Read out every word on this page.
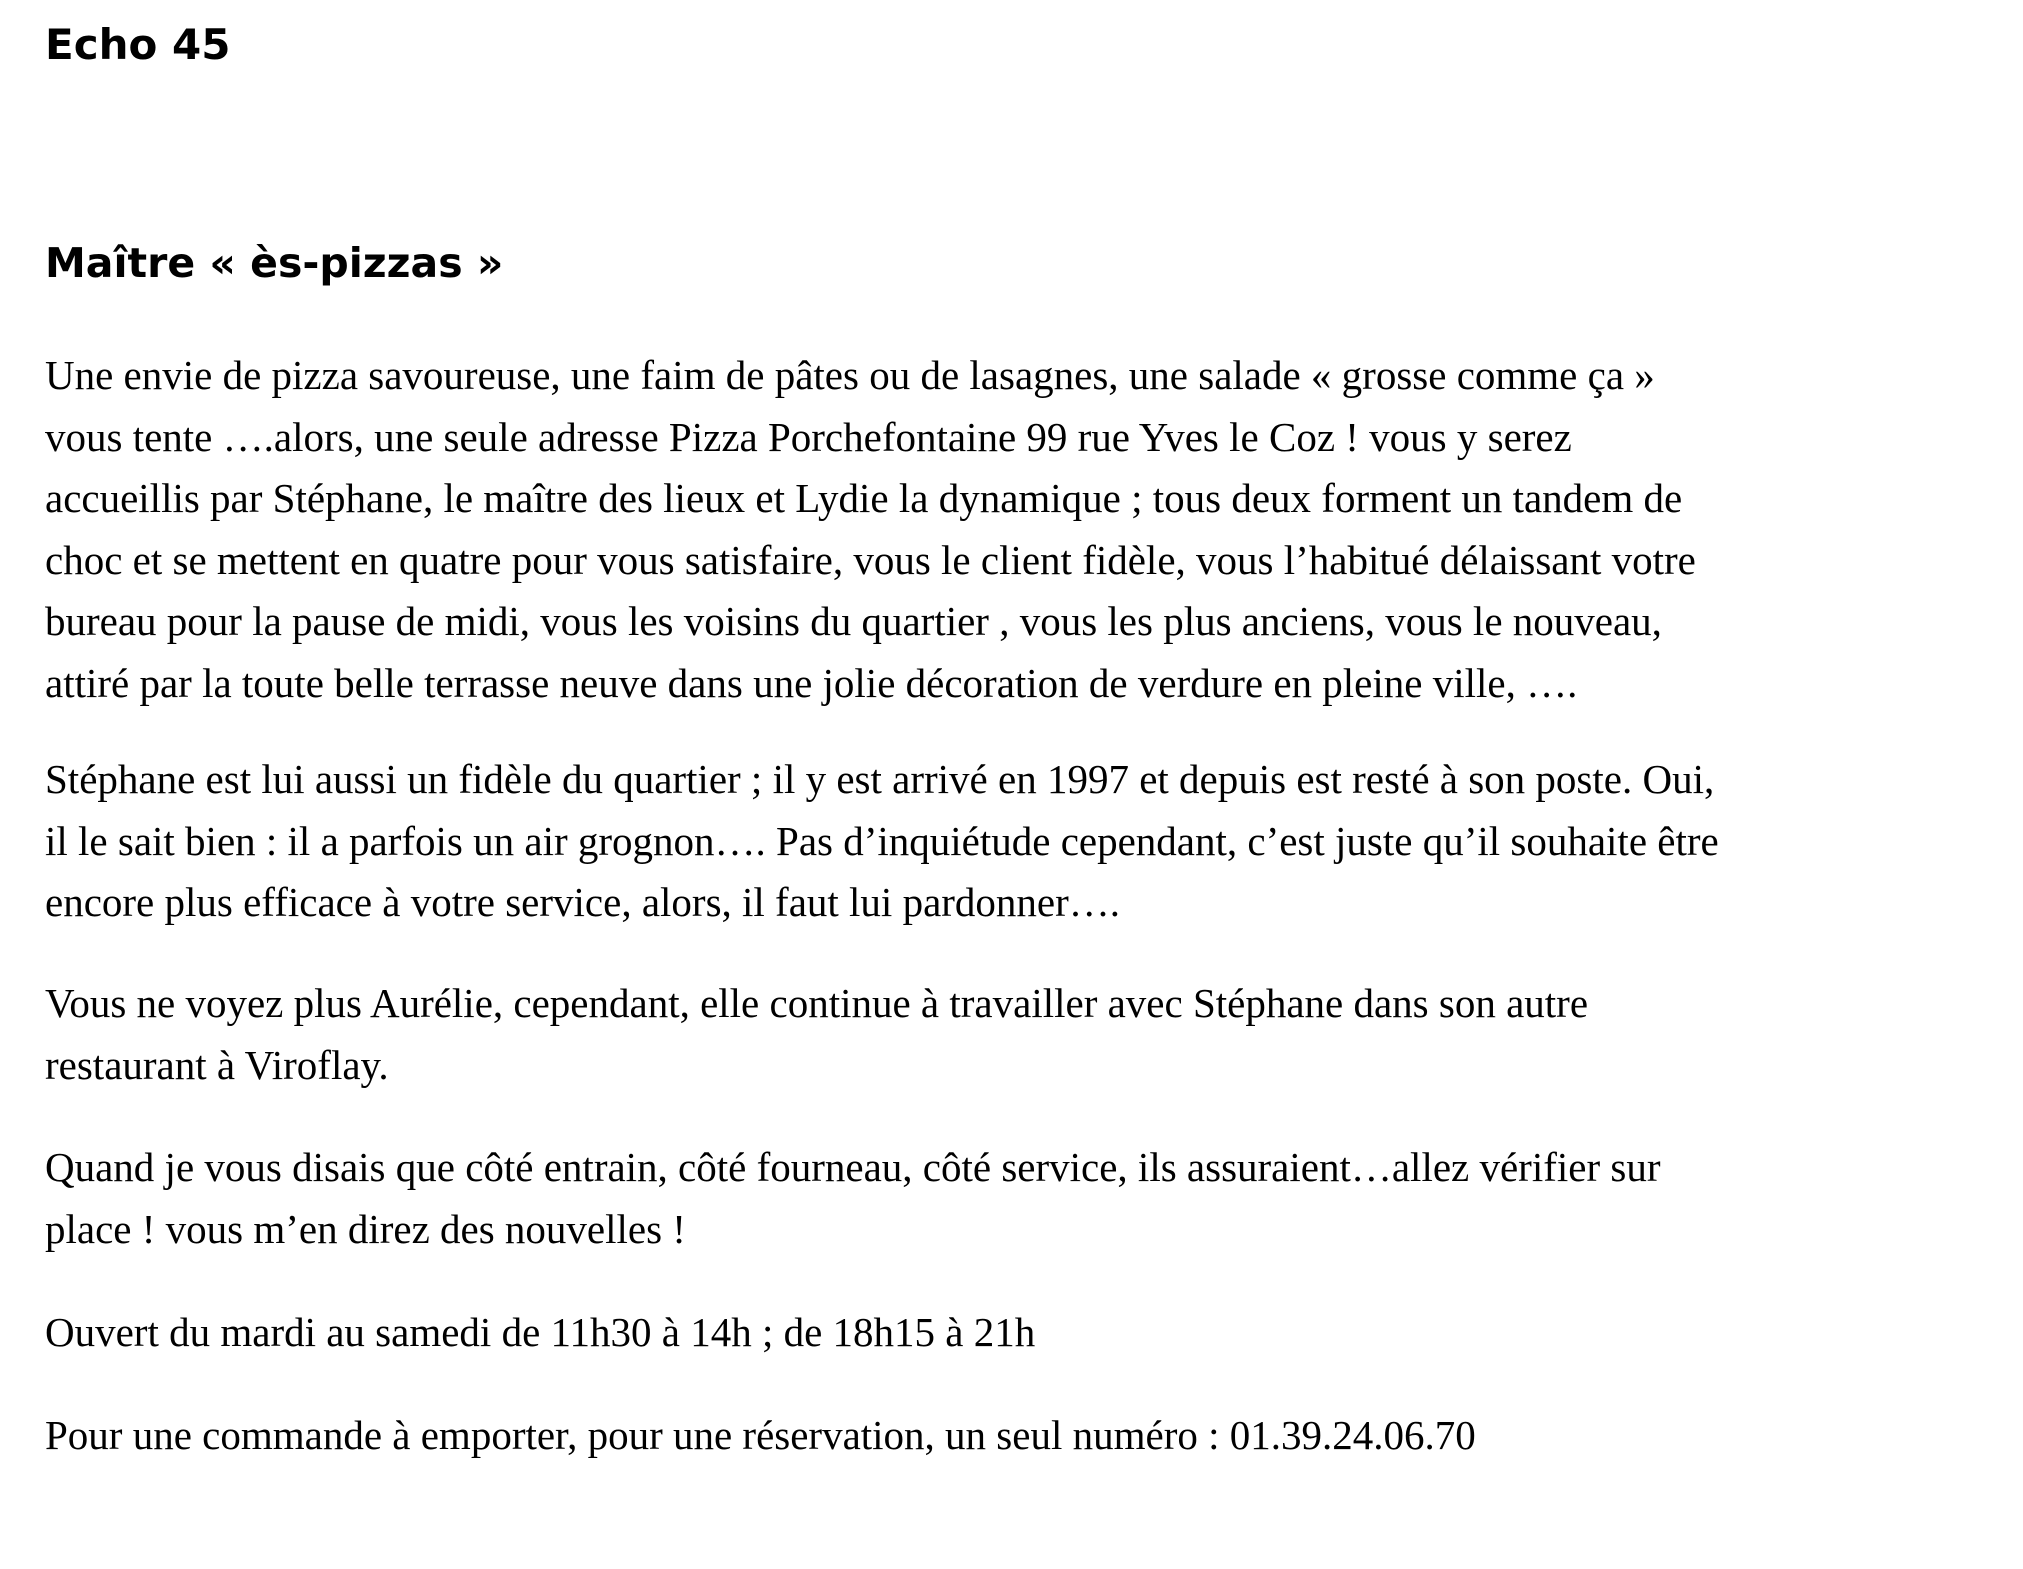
Echo 45
Maître « ès-pizzas »

Une envie de pizza savoureuse, une faim de pâtes ou de lasagnes, une salade « grosse comme ça »
vous tente ….alors, une seule adresse Pizza Porchefontaine 99 rue Yves le Coz ! vous y serez
accueillis par Stéphane, le maître des lieux et Lydie la dynamique ; tous deux forment un tandem de
choc et se mettent en quatre pour vous satisfaire, vous le client fidèle, vous l’habitué délaissant votre
bureau pour la pause de midi, vous les voisins du quartier , vous les plus anciens, vous le nouveau,
attiré par la toute belle terrasse neuve dans une jolie décoration de verdure en pleine ville, ….

Stéphane est lui aussi un fidèle du quartier ; il y est arrivé en 1997 et depuis est resté à son poste. Oui,
il le sait bien : il a parfois un air grognon…. Pas d’inquiétude cependant, c’est juste qu’il souhaite être
encore plus efficace à votre service, alors, il faut lui pardonner….

Vous ne voyez plus Aurélie, cependant, elle continue à travailler avec Stéphane dans son autre
restaurant à Viroflay.

Quand je vous disais que côté entrain, côté fourneau, côté service, ils assuraient…allez vérifier sur
place ! vous m’en direz des nouvelles !

Ouvert du mardi au samedi de 11h30 à 14h ; de 18h15 à 21h

Pour une commande à emporter, pour une réservation, un seul numéro : 01.39.24.06.70
